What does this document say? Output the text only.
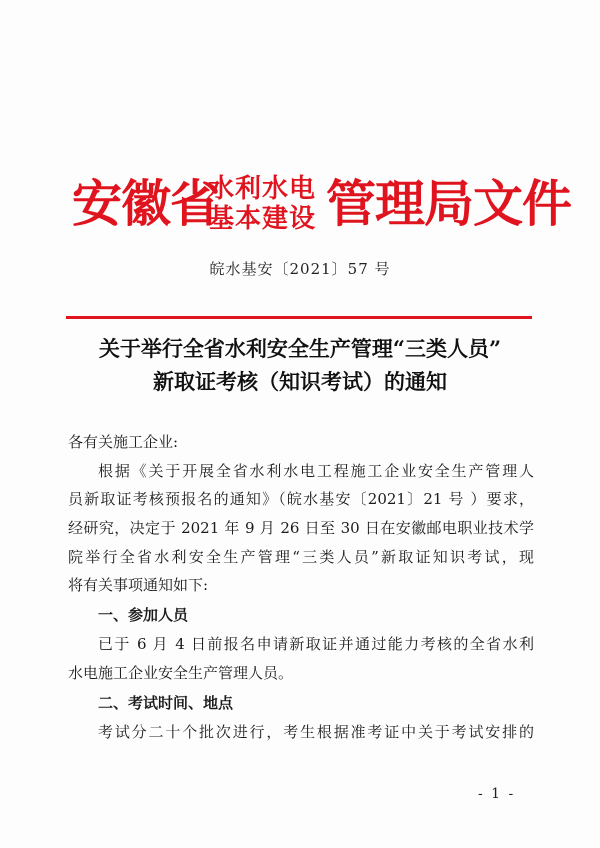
安徽省
水利水电
基本建设 管理局文件
皖水基安〔2021〕57 号
关于举行全省水利安全生产管理“三类人员”
新取证考核（知识考试）的通知
各有关施工企业:
根据《关于开展全省水利水电工程施工企业安全生产管理人
员新取证考核预报名的通知》（皖水基安〔2021〕21 号 ）要求，
经研究，决定于 2021 年 9 月 26 日至 30 日在安徽邮电职业技术学
院举行全省水利安全生产管理“三类人员”新取证知识考试，现
将有关事项通知如下:
一、参加人员
已于 6 月 4 日前报名申请新取证并通过能力考核的全省水利
水电施工企业安全生产管理人员。
二、考试时间、地点
考试分二十个批次进行，考生根据准考证中关于考试安排的
- 1 -
